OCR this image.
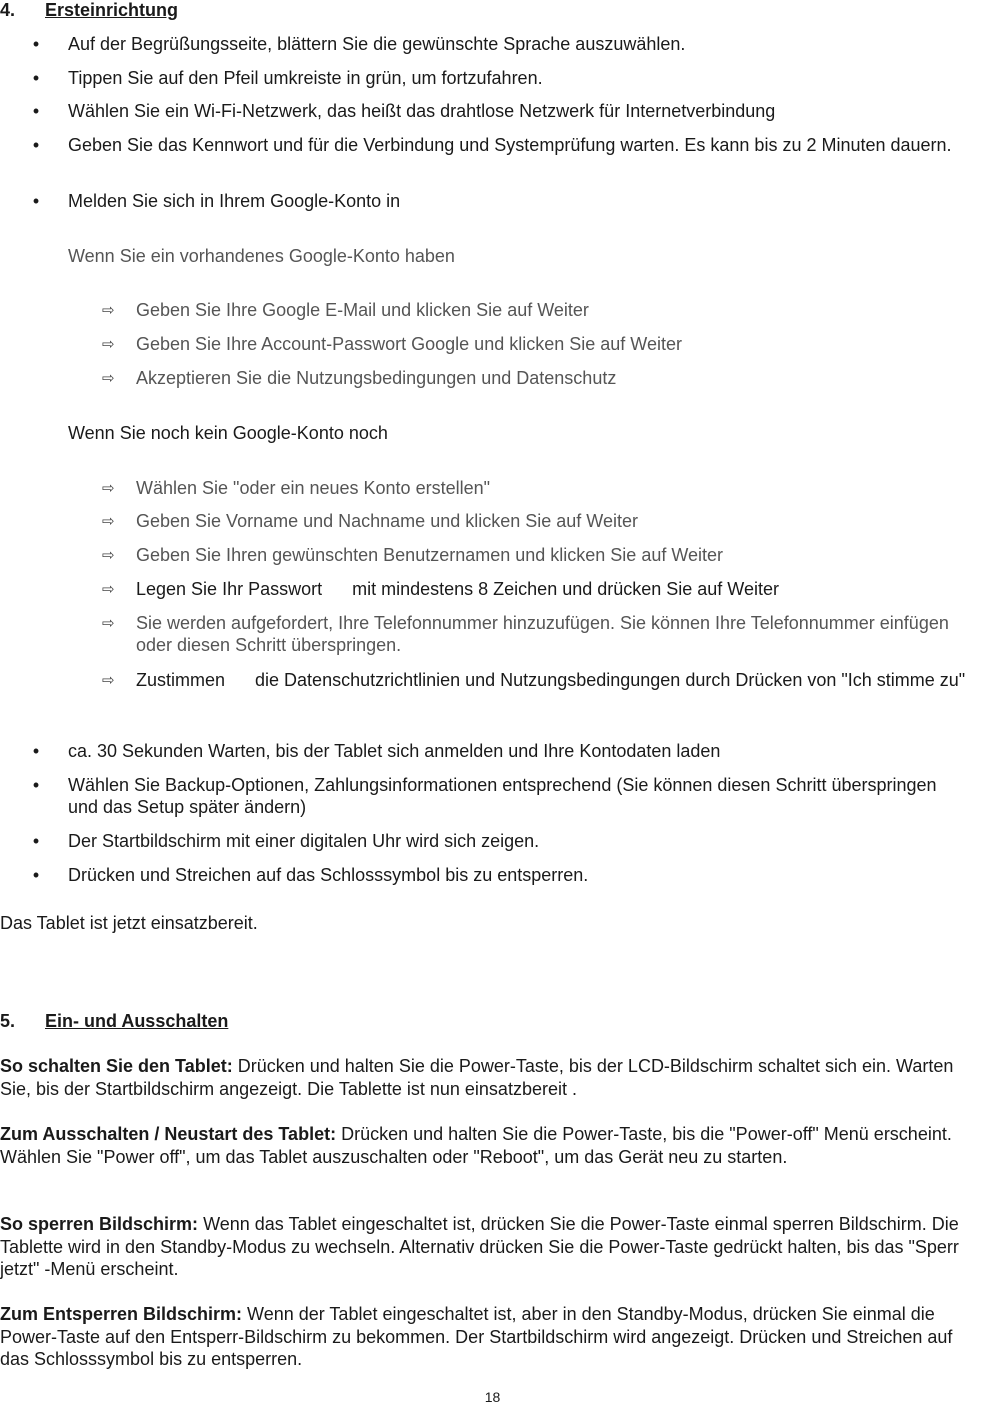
4. Ersteinrichtung
• Auf der Begrüßungsseite, blättern Sie die gewünschte Sprache auszuwählen.
• Tippen Sie auf den Pfeil umkreiste in grün, um fortzufahren.
• Wählen Sie ein Wi-Fi-Netzwerk, das heißt das drahtlose Netzwerk für Internetverbindung
• Geben Sie das Kennwort und für die Verbindung und Systemprüfung warten. Es kann bis zu 2 Minuten dauern.
• Melden Sie sich in Ihrem Google-Konto in
Wenn Sie ein vorhandenes Google-Konto haben
⇨	Geben Sie Ihre Google E-Mail und klicken Sie auf Weiter
⇨	Geben Sie Ihre Account-Passwort Google und klicken Sie auf Weiter
⇨	Akzeptieren Sie die Nutzungsbedingungen und Datenschutz
Wenn Sie noch kein Google-Konto noch
⇨	Wählen Sie "oder ein neues Konto erstellen"
⇨	Geben Sie Vorname und Nachname und klicken Sie auf Weiter
⇨	Geben Sie Ihren gewünschten Benutzernamen und klicken Sie auf Weiter
⇨	Legen Sie Ihr Passwort      mit mindestens 8 Zeichen und drücken Sie auf Weiter
⇨	Sie werden aufgefordert, Ihre Telefonnummer hinzuzufügen. Sie können Ihre Telefonnummer einfügen oder diesen Schritt überspringen.
⇨	Zustimmen      die Datenschutzrichtlinien und Nutzungsbedingungen durch Drücken von "Ich stimme zu"
• ca. 30 Sekunden Warten, bis der Tablet sich anmelden und Ihre Kontodaten laden
• Wählen Sie Backup-Optionen, Zahlungsinformationen entsprechend (Sie können diesen Schritt überspringen und das Setup später ändern)
• Der Startbildschirm mit einer digitalen Uhr wird sich zeigen.
• Drücken und Streichen auf das Schlosssymbol bis zu entsperren.
Das Tablet ist jetzt einsatzbereit.
5. Ein- und Ausschalten
So schalten Sie den Tablet: Drücken und halten Sie die Power-Taste, bis der LCD-Bildschirm schaltet sich ein. Warten Sie, bis der Startbildschirm angezeigt. Die Tablette ist nun einsatzbereit .
Zum Ausschalten / Neustart des Tablet: Drücken und halten Sie die Power-Taste, bis die "Power-off" Menü erscheint. Wählen Sie "Power off", um das Tablet auszuschalten oder "Reboot", um das Gerät neu zu starten.
So sperren Bildschirm: Wenn das Tablet eingeschaltet ist, drücken Sie die Power-Taste einmal sperren Bildschirm. Die Tablette wird in den Standby-Modus zu wechseln. Alternativ drücken Sie die Power-Taste gedrückt halten, bis das "Sperr jetzt" -Menü erscheint.
Zum Entsperren Bildschirm: Wenn der Tablet eingeschaltet ist, aber in den Standby-Modus, drücken Sie einmal die Power-Taste auf den Entsperr-Bildschirm zu bekommen. Der Startbildschirm wird angezeigt. Drücken und Streichen auf das Schlosssymbol bis zu entsperren.
18
